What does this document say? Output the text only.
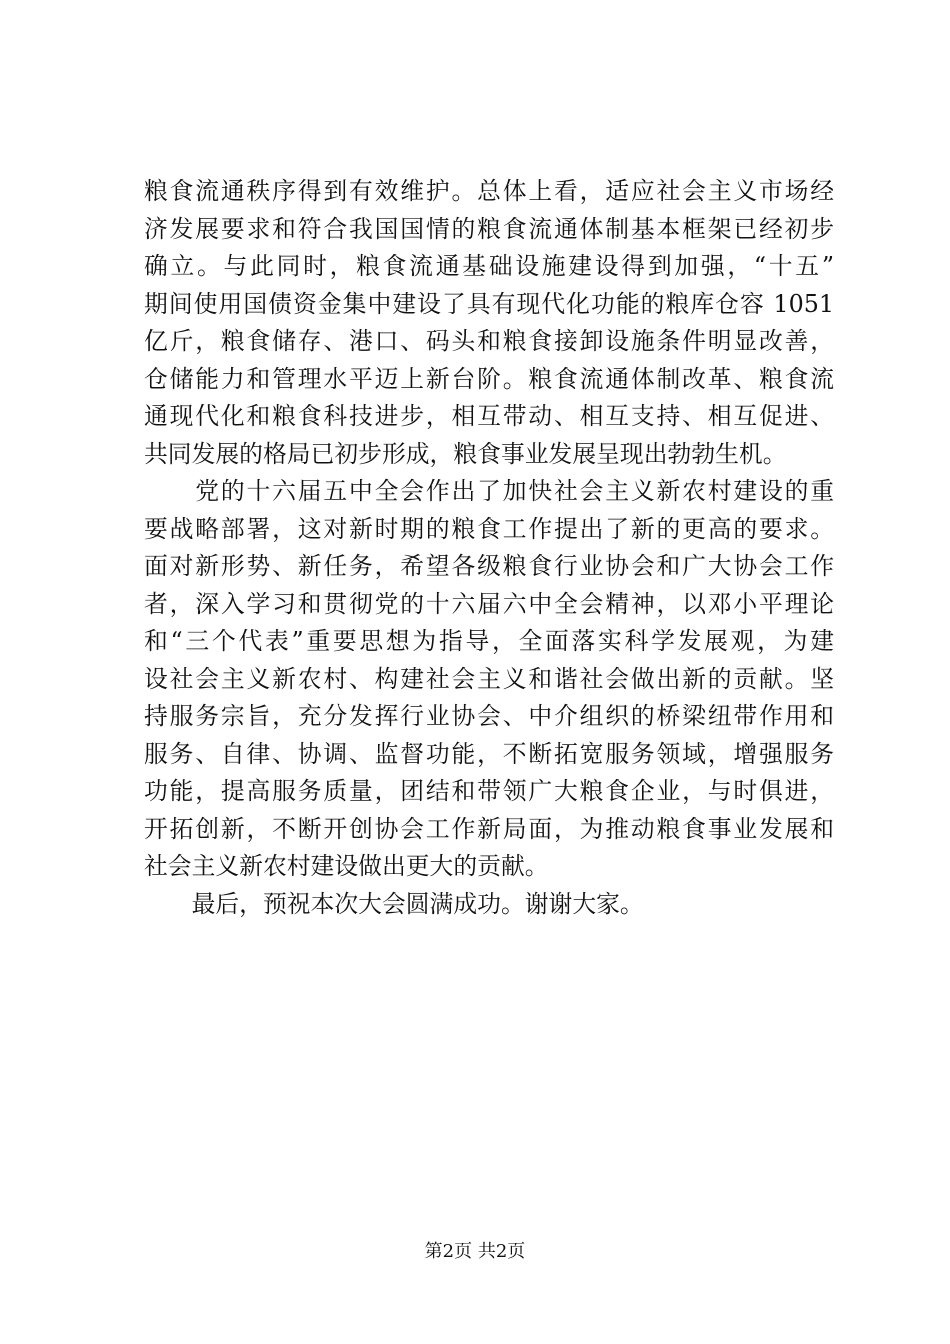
粮食流通秩序得到有效维护。总体上看，适应社会主义市场经
济发展要求和符合我国国情的粮食流通体制基本框架已经初步
确立。与此同时，粮食流通基础设施建设得到加强，“十五”
期间使用国债资金集中建设了具有现代化功能的粮库仓容 1051
亿斤，粮食储存、港口、码头和粮食接卸设施条件明显改善，
仓储能力和管理水平迈上新台阶。粮食流通体制改革、粮食流
通现代化和粮食科技进步，相互带动、相互支持、相互促进、
共同发展的格局已初步形成，粮食事业发展呈现出勃勃生机。
　　党的十六届五中全会作出了加快社会主义新农村建设的重
要战略部署，这对新时期的粮食工作提出了新的更高的要求。
面对新形势、新任务，希望各级粮食行业协会和广大协会工作
者，深入学习和贯彻党的十六届六中全会精神，以邓小平理论
和“三个代表”重要思想为指导，全面落实科学发展观，为建
设社会主义新农村、构建社会主义和谐社会做出新的贡献。坚
持服务宗旨，充分发挥行业协会、中介组织的桥梁纽带作用和
服务、自律、协调、监督功能，不断拓宽服务领域，增强服务
功能，提高服务质量，团结和带领广大粮食企业，与时俱进，
开拓创新，不断开创协会工作新局面，为推动粮食事业发展和
社会主义新农村建设做出更大的贡献。
　　最后，预祝本次大会圆满成功。谢谢大家。
第2页 共2页
